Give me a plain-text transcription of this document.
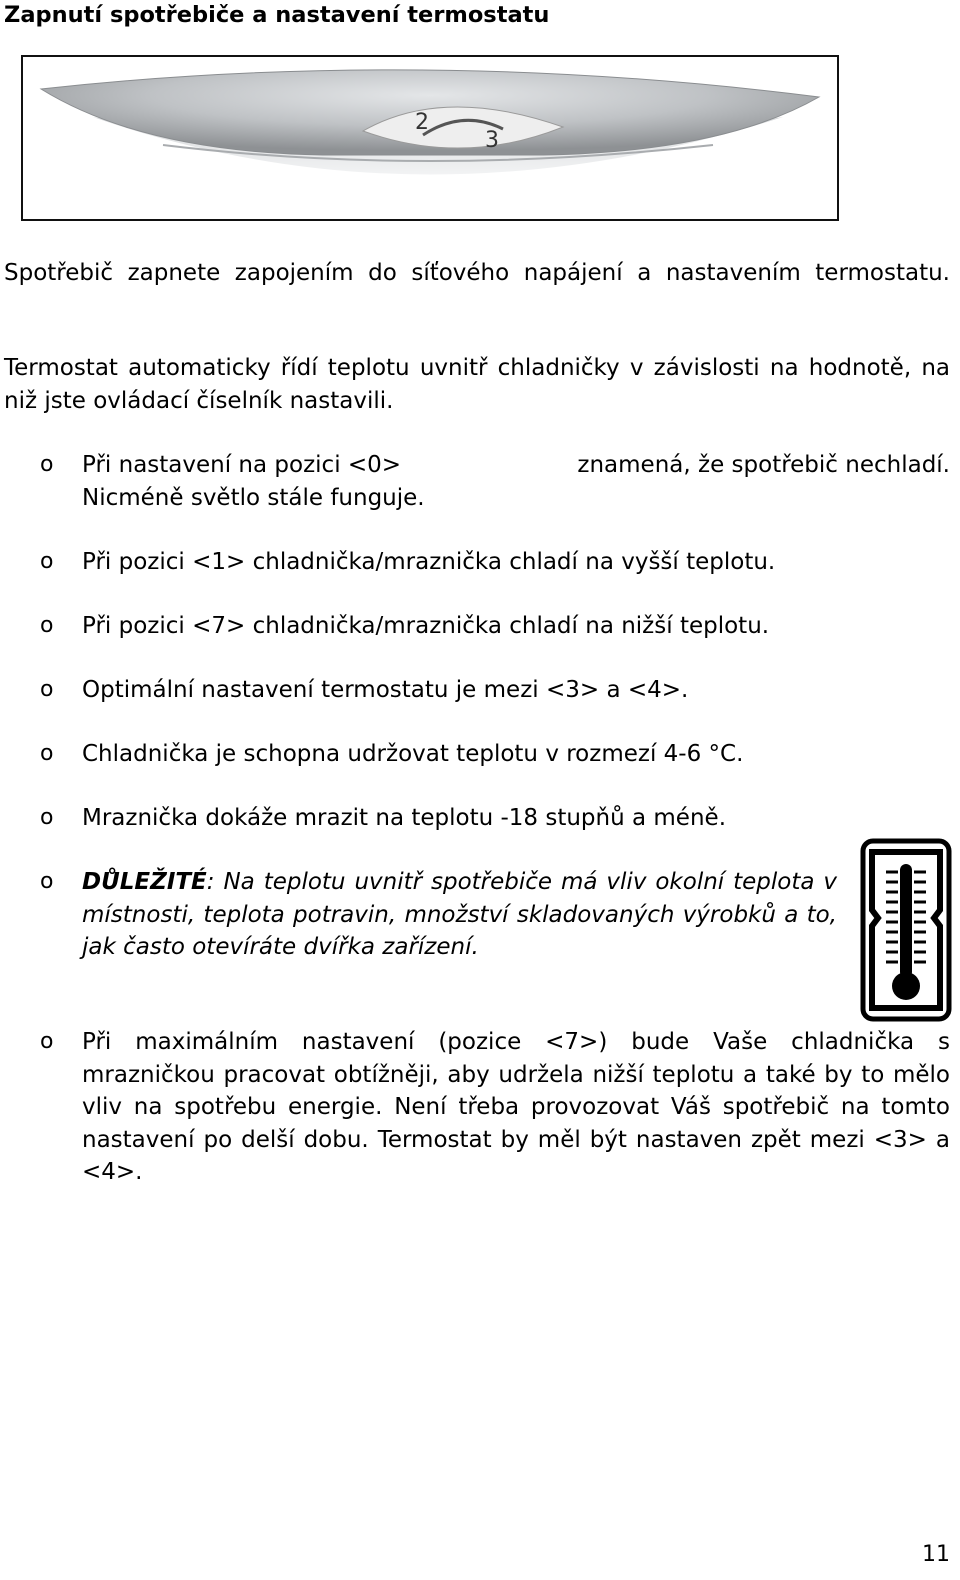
Zapnutí spotřebiče a nastavení termostatu
2
3
Spotřebič zapnete zapojením do síťového napájení a nastavením termostatu.
Termostat automaticky řídí teplotu uvnitř chladničky v závislosti na hodnotě, na niž jste ovládací číselník nastavili.
o Při nastavení na pozici <0>	znamená, že spotřebič nechladí.
Nicméně světlo stále funguje.
o Při pozici <1> chladnička/mraznička chladí na vyšší teplotu.
o Při pozici <7> chladnička/mraznička chladí na nižší teplotu.
o Optimální nastavení termostatu je mezi <3> a <4>.
o Chladnička je schopna udržovat teplotu v rozmezí 4-6 °C.
o Mraznička dokáže mrazit na teplotu -18 stupňů a méně.
o DŮLEŽITÉ: Na teplotu uvnitř spotřebiče má vliv okolní teplota v místnosti, teplota potravin, množství skladovaných výrobků a to, jak často otevíráte dvířka zařízení.
o Při maximálním nastavení (pozice <7>) bude Vaše chladnička s mrazničkou pracovat obtížněji, aby udržela nižší teplotu a také by to mělo vliv na spotřebu energie. Není třeba provozovat Váš spotřebič na tomto nastavení po delší dobu. Termostat by měl být nastaven zpět mezi <3> a <4>.
11
